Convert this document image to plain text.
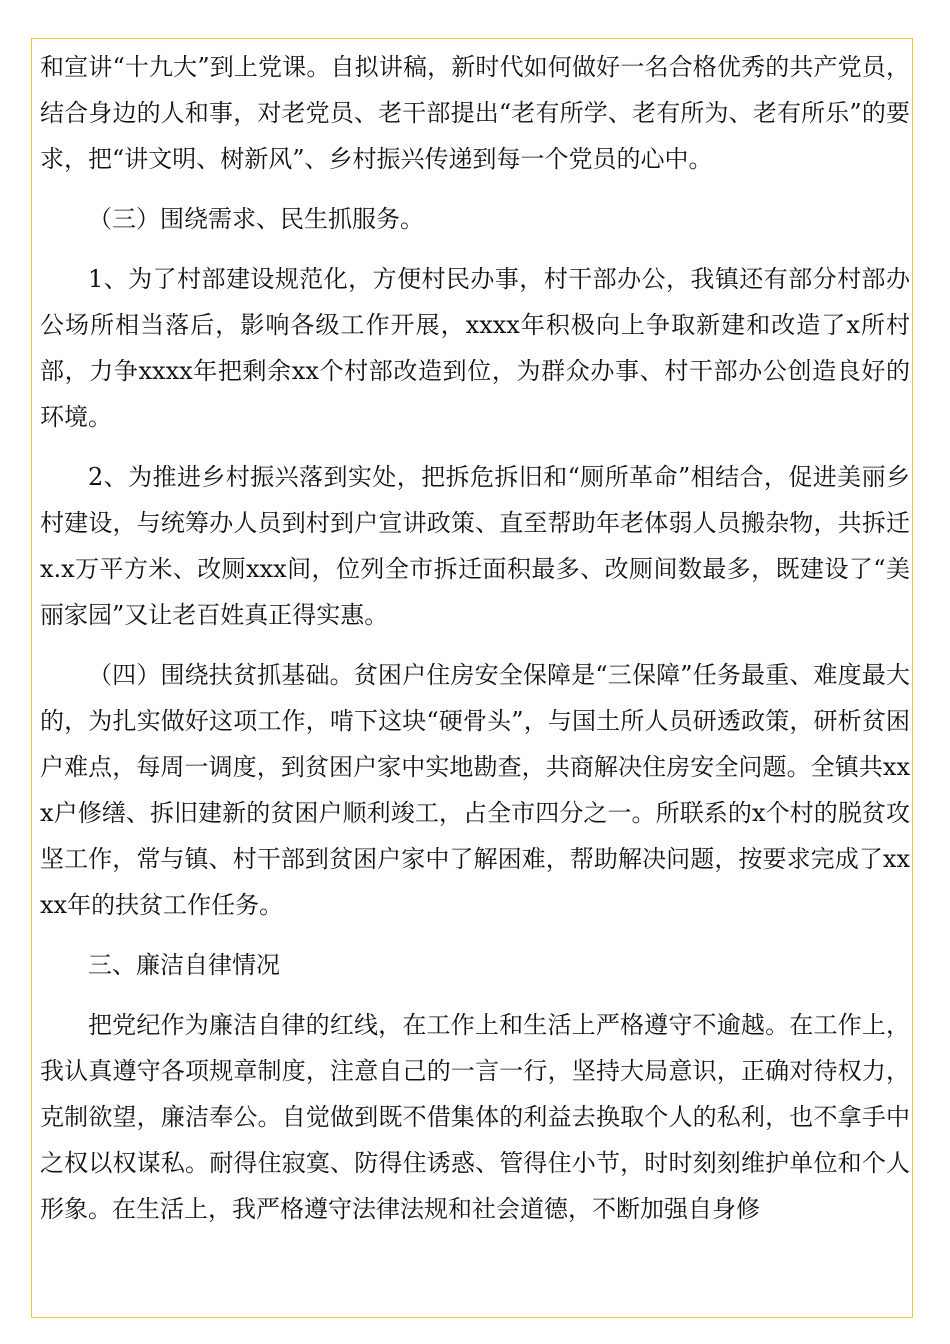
和宣讲“十九大”到上党课。自拟讲稿，新时代如何做好一名合格优秀的共产党员，结合身边的人和事，对老党员、老干部提出“老有所学、老有所为、老有所乐”的要求，把“讲文明、树新风”、乡村振兴传递到每一个党员的心中。

（三）围绕需求、民生抓服务。

1、为了村部建设规范化，方便村民办事，村干部办公，我镇还有部分村部办公场所相当落后，影响各级工作开展，xxxx年积极向上争取新建和改造了x所村部，力争xxxx年把剩余xx个村部改造到位，为群众办事、村干部办公创造良好的环境。

2、为推进乡村振兴落到实处，把拆危拆旧和“厕所革命”相结合，促进美丽乡村建设，与统筹办人员到村到户宣讲政策、直至帮助年老体弱人员搬杂物，共拆迁x.x万平方米、改厕xxx间，位列全市拆迁面积最多、改厕间数最多，既建设了“美丽家园”又让老百姓真正得实惠。

（四）围绕扶贫抓基础。贫困户住房安全保障是“三保障”任务最重、难度最大的，为扎实做好这项工作，啃下这块“硬骨头”，与国土所人员研透政策，研析贫困户难点，每周一调度，到贫困户家中实地勘查，共商解决住房安全问题。全镇共xxx户修缮、拆旧建新的贫困户顺利竣工，占全市四分之一。所联系的x个村的脱贫攻坚工作，常与镇、村干部到贫困户家中了解困难，帮助解决问题，按要求完成了xxxx年的扶贫工作任务。

三、廉洁自律情况

把党纪作为廉洁自律的红线，在工作上和生活上严格遵守不逾越。在工作上，我认真遵守各项规章制度，注意自己的一言一行，坚持大局意识，正确对待权力，克制欲望，廉洁奉公。自觉做到既不借集体的利益去换取个人的私利，也不拿手中之权以权谋私。耐得住寂寞、防得住诱惑、管得住小节，时时刻刻维护单位和个人形象。在生活上，我严格遵守法律法规和社会道德，不断加强自身修
